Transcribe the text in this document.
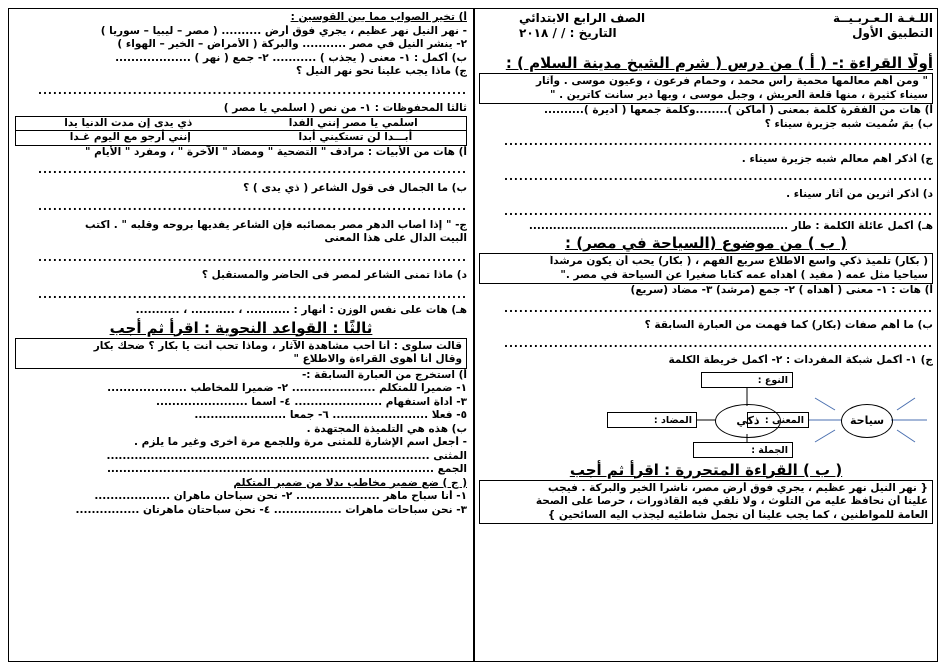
اللـغـة الـعـربـيــة
الصف الرابع الابتدائي
التطبيق الأول
التاريخ : / / ٢٠١٨
أولًا القراءة :- ( أ ) من درس ( شرم الشيخ مدينة السلام ) :
" ومن أهم معالمها محمية رأس محمد ، وحمام فرعون ، وعيون موسى . وآثار
سيناء كثيرة ، منها قلعة العريش ، وجبل موسى ، وبها دير سانت كاترين . "
أ) هات من الفقرة كلمة بمعنى ( أماكن )........وكلمة جمعها ( أديرة )..........
ب) بمَ سُميت شبه جزيرة سيناء ؟
......................................................................................
ج) أذكر أهم معالم شبه جزيرة سيناء .
......................................................................................
د) أذكر أثرين من آثار سيناء .
......................................................................................
هـ) أكمل عائلة الكلمة : طار .................................................................
( ب ) من موضوع (السياحة في مصر) :
( بكار) تلميذ ذكي واسع الاطلاع سريع الفهم ، ( بكار) يحب أن يكون مرشداً
سياحياً مثل عمه ( مفيد ) أهداه عمه كتاباً صغيراً عن السياحة في مصر ."
أ) هات : ١- معنى ( أهداه ) ٢- جمع (مرشد) ٣- مضاد (سريع)
......................................................................................
ب) ما أهم صفات (بكار) كما فهمت من العبارة السابقة ؟
......................................................................................
ج) ١- أكمل شبكة المفردات : ٢- أكمل خريطة الكلمة
النوع :
المضاد :	المعنى :
الجملة :
ذكي	سياحة
( ب ) القراءة المتحررة : اقرأ ثم أجب
{ نهر النيل نهر عظيم ، يجري فوق أرض مصر، ناشرا الخير والبركة . فيجب
علينا أن نحافظ عليه من التلوث ، ولا نلقي فيه القاذورات ، حرصا على الصحة
العامة للمواطنين ، كما يجب علينا أن نجمل شاطئيه ليجذب اليه السائحين }
أ) تخير الصواب مما بين القوسين :
- نهر النيل نهر عظيم ، يجري فوق أرض .......... ( مصر – ليبيا – سوريا )
٢- ينشر النيل في مصر ........... والبركة ( الأمراض – الخير – الهواء )
ب) أكمل : ١- معنى ( يجذب ) ........... ٢- جمع ( نهر ) ...................
ج) ماذا يجب علينا نحو نهر النيل ؟
......................................................................................
ثالثا المحفوظات : ١- من نص ( اسلمي يا مصر )
اسلمي يا مصر إنني الفدا
ذي يدى إن مدت الدنيا يدا
أبـــدا لن تستكيني أبدا
إنني أرجو مع اليوم غـدا
أ) هات من الأبيات : مرادف " التضحية " ومضاد " الآخرة " ، ومفرد " الأيام "
......................................................................................
ب) ما الجمال فى قول الشاعر ( ذي يدى ) ؟
......................................................................................
ج- " إذا أصاب الدهر مصر بمصائبه فإن الشاعر يفديها بروحه وقلبه " . اكتب
البيت الدال على هذا المعنى
......................................................................................
د) ماذا تمنى الشاعر لمصر فى الحاضر والمستقبل ؟
......................................................................................
هـ) هات على نفس الوزن : أنهار : ........... ، ........... ، ...........
ثالثًا : القواعد النحوية : اقرأ ثم أجب
قالت سلوى : أنا أحب مشاهدة الآثار ، وماذا تحب أنت يا بكار ؟ ضحك بكار
وقال أنا أهوى القراءة والاطلاع "
أ) استخرج من العبارة السابقة :-
١- ضميرا للمتكلم ..................... ٢- ضميرا للمخاطب ....................
٣- أداة استفهام ...................... ٤- اسما .......................
٥- فعلا ........................ ٦- جمعا .......................
ب) هذه هي التلميذة المجتهدة .
- أجعل اسم الإشارة للمثنى مرة وللجمع مرة أخرى وغير ما يلزم .
المثنى .................................................................................
الجمع ..................................................................................
( ج ) ضع ضمير مخاطب بدلا من ضمير المتكلم
١- أنا سباح ماهر ..................... ٢- نحن سباحان ماهران ...................
٣- نحن سباحات ماهرات ................. ٤- نحن سباحتان ماهرتان ................
